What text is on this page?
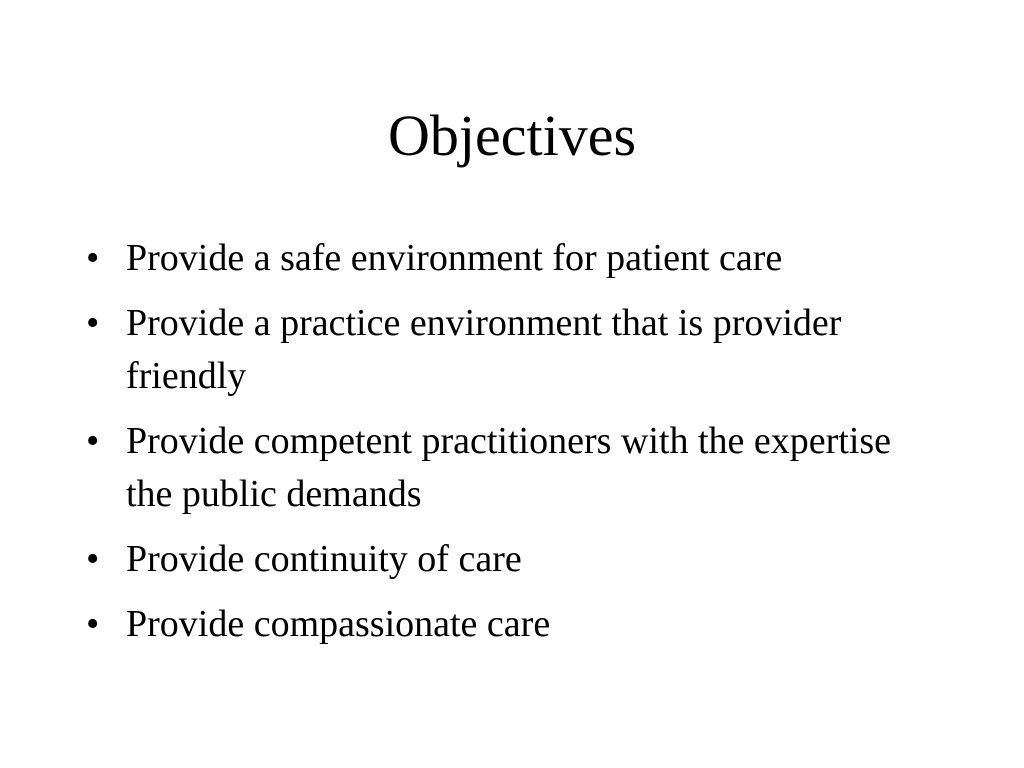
Objectives
• Provide a safe environment for patient care
• Provide a practice environment that is provider friendly
• Provide competent practitioners with the expertise the public demands
• Provide continuity of care
• Provide compassionate care
